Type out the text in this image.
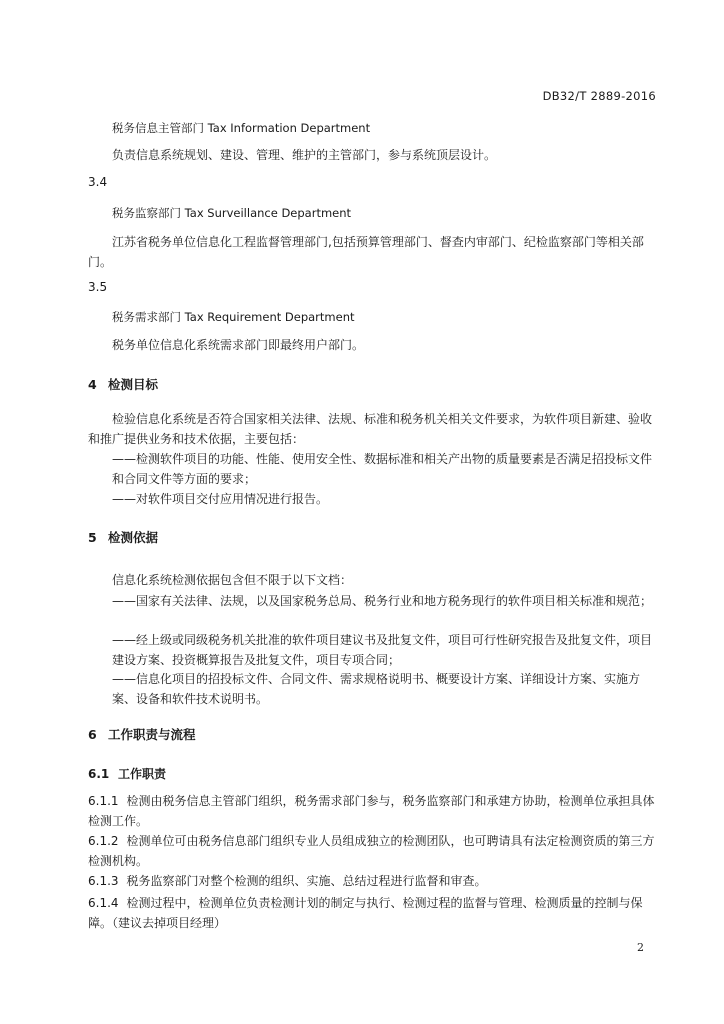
DB32/T 2889-2016
税务信息主管部门 Tax Information Department
负责信息系统规划、建设、管理、维护的主管部门，参与系统顶层设计。
3.4
税务监察部门 Tax Surveillance Department
江苏省税务单位信息化工程监督管理部门,包括预算管理部门、督查内审部门、纪检监察部门等相关部门。
3.5
税务需求部门 Tax Requirement Department
税务单位信息化系统需求部门即最终用户部门。
4 检测目标
检验信息化系统是否符合国家相关法律、法规、标准和税务机关相关文件要求，为软件项目新建、验收和推广提供业务和技术依据，主要包括：
——检测软件项目的功能、性能、使用安全性、数据标准和相关产出物的质量要素是否满足招投标文件和合同文件等方面的要求；
——对软件项目交付应用情况进行报告。
5 检测依据
信息化系统检测依据包含但不限于以下文档：
——国家有关法律、法规，以及国家税务总局、税务行业和地方税务现行的软件项目相关标准和规范；
——经上级或同级税务机关批准的软件项目建议书及批复文件，项目可行性研究报告及批复文件，项目建设方案、投资概算报告及批复文件，项目专项合同；
——信息化项目的招投标文件、合同文件、需求规格说明书、概要设计方案、详细设计方案、实施方案、设备和软件技术说明书。
6 工作职责与流程
6.1 工作职责
6.1.1 检测由税务信息主管部门组织，税务需求部门参与，税务监察部门和承建方协助，检测单位承担具体检测工作。
6.1.2 检测单位可由税务信息部门组织专业人员组成独立的检测团队，也可聘请具有法定检测资质的第三方检测机构。
6.1.3 税务监察部门对整个检测的组织、实施、总结过程进行监督和审查。
6.1.4 检测过程中，检测单位负责检测计划的制定与执行、检测过程的监督与管理、检测质量的控制与保障。（建议去掉项目经理）
2
